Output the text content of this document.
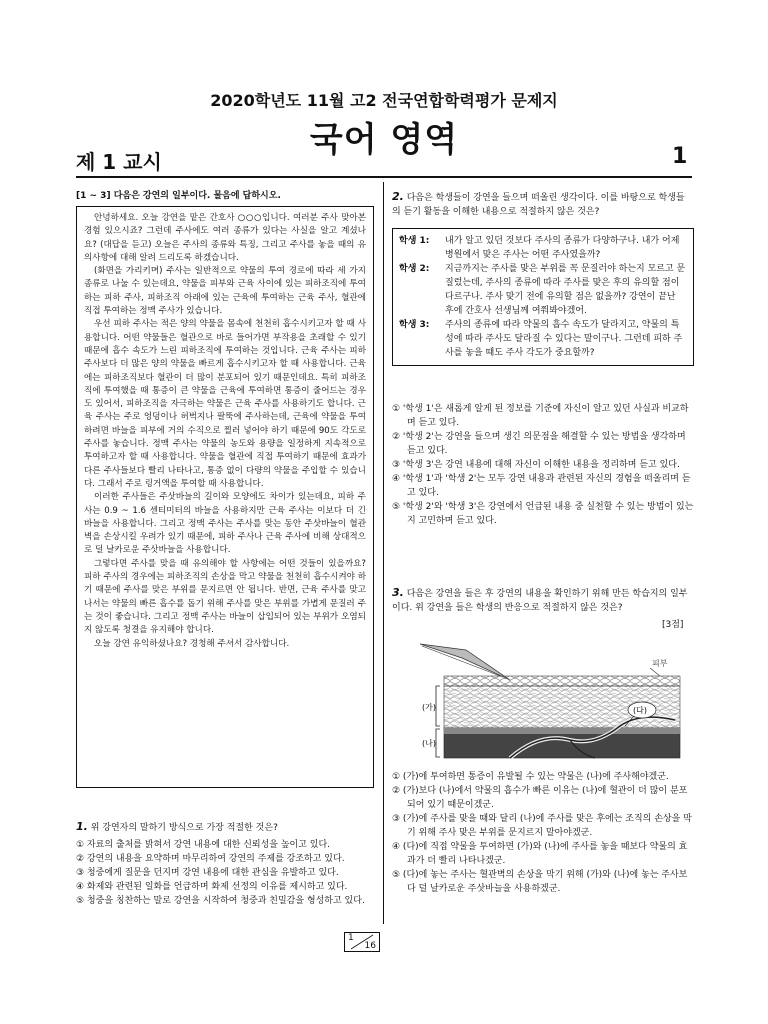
2020학년도 11월 고2 전국연합학력평가 문제지
국어 영역
제 1 교시	1
[1 ~ 3] 다음은 강연의 일부이다. 물음에 답하시오.

안녕하세요. 오늘 강연을 맡은 간호사 ○○○입니다. 여러분 주사 맞아본 경험 있으시죠? 그런데 주사에도 여러 종류가 있다는 사실을 알고 계셨나요? (대답을 듣고) 오늘은 주사의 종류와 특징, 그리고 주사를 놓을 때의 유의사항에 대해 알려 드리도록 하겠습니다.

(화면을 가리키며) 주사는 일반적으로 약물의 투여 경로에 따라 세 가지 종류로 나눌 수 있는데요, 약물을 피부와 근육 사이에 있는 피하조직에 투여하는 피하 주사, 피하조직 아래에 있는 근육에 투여하는 근육 주사, 혈관에 직접 투여하는 정맥 주사가 있습니다.

우선 피하 주사는 적은 양의 약물을 몸속에 천천히 흡수시키고자 할 때 사용합니다. 어떤 약물들은 혈관으로 바로 들어가면 부작용을 초래할 수 있기 때문에 흡수 속도가 느린 피하조직에 투여하는 것입니다. 근육 주사는 피하 주사보다 더 많은 양의 약물을 빠르게 흡수시키고자 할 때 사용합니다. 근육에는 피하조직보다 혈관이 더 많이 분포되어 있기 때문인데요. 특히 피하조직에 투여했을 때 통증이 큰 약물을 근육에 투여하면 통증이 줄어드는 경우도 있어서, 피하조직을 자극하는 약물은 근육 주사를 사용하기도 합니다. 근육 주사는 주로 엉덩이나 허벅지나 팔뚝에 주사하는데, 근육에 약물을 투여하려면 바늘을 피부에 거의 수직으로 찔러 넣어야 하기 때문에 90도 각도로 주사를 놓습니다. 정맥 주사는 약물의 농도와 용량을 일정하게 지속적으로 투여하고자 할 때 사용합니다. 약물을 혈관에 직접 투여하기 때문에 효과가 다른 주사들보다 빨리 나타나고, 통증 없이 다량의 약물을 주입할 수 있습니다. 그래서 주로 링거액을 투여할 때 사용합니다.

이러한 주사들은 주삿바늘의 길이와 모양에도 차이가 있는데요, 피하 주사는 0.9 ~ 1.6 센티미터의 바늘을 사용하지만 근육 주사는 이보다 더 긴 바늘을 사용합니다. 그리고 정맥 주사는 주사를 맞는 동안 주삿바늘이 혈관벽을 손상시킬 우려가 있기 때문에, 피하 주사나 근육 주사에 비해 상대적으로 덜 날카로운 주삿바늘을 사용합니다.

그렇다면 주사를 맞을 때 유의해야 할 사항에는 어떤 것들이 있을까요? 피하 주사의 경우에는 피하조직의 손상을 막고 약물을 천천히 흡수시켜야 하기 때문에 주사를 맞은 부위를 문지르면 안 됩니다. 반면, 근육 주사를 맞고 나서는 약물의 빠른 흡수를 돕기 위해 주사를 맞은 부위를 가볍게 문질러 주는 것이 좋습니다. 그리고 정맥 주사는 바늘이 삽입되어 있는 부위가 오염되지 않도록 청결을 유지해야 합니다.

오늘 강연 유익하셨나요? 경청해 주셔서 감사합니다.

1. 위 강연자의 말하기 방식으로 가장 적절한 것은?

① 자료의 출처를 밝혀서 강연 내용에 대한 신뢰성을 높이고 있다.

② 강연의 내용을 요약하며 마무리하여 강연의 주제를 강조하고 있다.

③ 청중에게 질문을 던지며 강연 내용에 대한 관심을 유발하고 있다.

④ 화제와 관련된 일화를 언급하며 화제 선정의 이유를 제시하고 있다.

⑤ 청중을 칭찬하는 말로 강연을 시작하여 청중과 친밀감을 형성하고 있다.

2. 다음은 학생들이 강연을 들으며 떠올린 생각이다. 이를 바탕으로 학생들의 듣기 활동을 이해한 내용으로 적절하지 않은 것은?
학생 1:	내가 알고 있던 것보다 주사의 종류가 다양하구나. 내가 어제 병원에서 맞은 주사는 어떤 주사였을까?
학생 2:	지금까지는 주사를 맞은 부위를 꼭 문질러야 하는지 모르고 문질렀는데, 주사의 종류에 따라 주사를 맞은 후의 유의할 점이 다르구나. 주사 맞기 전에 유의할 점은 없을까? 강연이 끝난 후에 간호사 선생님께 여쭤봐야겠어.
학생 3:	주사의 종류에 따라 약물의 흡수 속도가 달라지고, 약물의 특성에 따라 주사도 달라질 수 있다는 말이구나. 그런데 피하 주사를 놓을 때도 주사 각도가 중요할까?

① '학생 1'은 새롭게 알게 된 정보를 기준에 자신이 알고 있던 사실과 비교하며 듣고 있다.

② '학생 2'는 강연을 들으며 생긴 의문점을 해결할 수 있는 방법을 생각하며 듣고 있다.

③ '학생 3'은 강연 내용에 대해 자신이 이해한 내용을 정리하며 듣고 있다.

④ '학생 1'과 '학생 2'는 모두 강연 내용과 관련된 자신의 경험을 떠올리며 듣고 있다.

⑤ '학생 2'와 '학생 3'은 강연에서 언급된 내용 중 실천할 수 있는 방법이 있는지 고민하며 듣고 있다.

3. 다음은 강연을 들은 후 강연의 내용을 확인하기 위해 만든 학습지의 일부이다. 위 강연을 들은 학생의 반응으로 적절하지 않은 것은?
[3점]
피부
(가)
(나)
(다)

① (가)에 투여하면 통증이 유발될 수 있는 약물은 (나)에 주사해야겠군.

② (가)보다 (나)에서 약물의 흡수가 빠른 이유는 (나)에 혈관이 더 많이 분포되어 있기 때문이겠군.

③ (가)에 주사를 맞을 때와 달리 (나)에 주사를 맞은 후에는 조직의 손상을 막기 위해 주사 맞은 부위를 문지르지 말아야겠군.

④ (다)에 직접 약물을 투여하면 (가)와 (나)에 주사를 놓을 때보다 약물의 효과가 더 빨리 나타나겠군.

⑤ (다)에 놓는 주사는 혈관벽의 손상을 막기 위해 (가)와 (나)에 놓는 주사보다 덜 날카로운 주삿바늘을 사용하겠군.

1
16
